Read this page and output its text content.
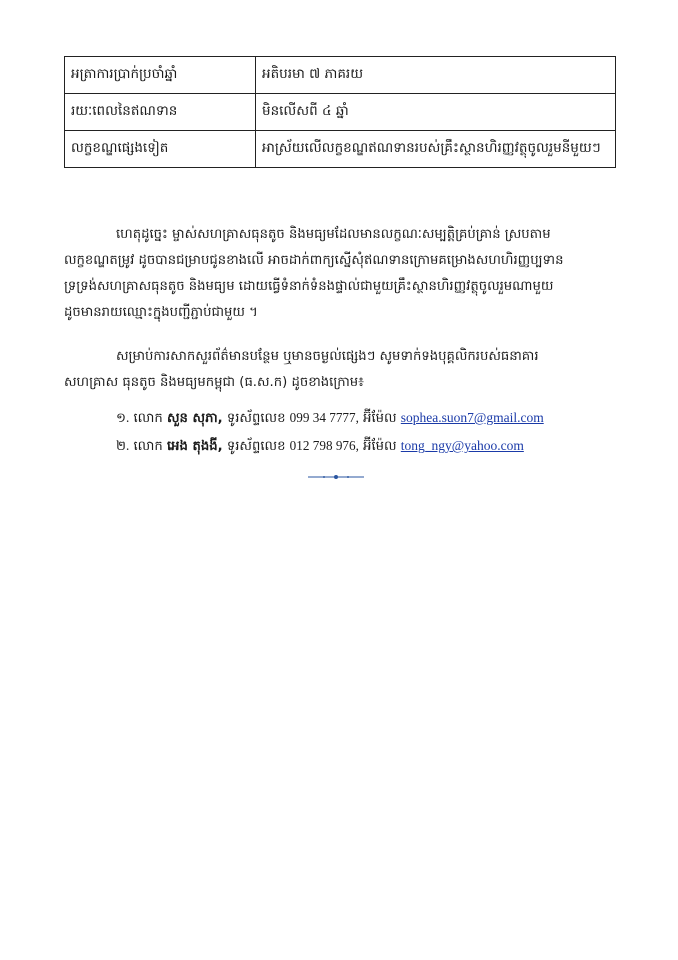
អត្រាការប្រាក់ប្រចាំឆ្នាំ	អតិបរមា ៧ ភាគរយ
រយៈពេលនៃឥណទាន	មិនលើសពី ៤ ឆ្នាំ
លក្ខខណ្ឌផ្សេងទៀត	អាស្រ័យលើលក្ខខណ្ឌឥណទានរបស់គ្រឹះស្ថានហិរញ្ញវត្ថុចូលរួមនីមួយៗ
ហេតុដូច្នេះ ម្ចាស់សហគ្រាសធុនតូច និងមធ្យមដែលមានលក្ខណៈសម្បត្តិគ្រប់គ្រាន់ ស្របតាម
លក្ខខណ្ឌតម្រូវ ដូចបានជម្រាបជូនខាងលើ អាចដាក់ពាក្យស្នើសុំឥណទានក្រោមគម្រោងសហហិរញ្ញប្បទាន
ទ្រទ្រង់សហគ្រាសធុនតូច និងមធ្យម ដោយធ្វើទំនាក់ទំនងផ្ទាល់ជាមួយគ្រឹះស្ថានហិរញ្ញវត្ថុចូលរួមណាមួយ
ដូចមានរាយឈ្មោះក្នុងបញ្ជីភ្ជាប់ជាមួយ ។
សម្រាប់ការសាកសួរព័ត៌មានបន្ថែម ឬមានចម្ងល់ផ្សេងៗ សូមទាក់ទងបុគ្គលិករបស់ធនាគារ
សហគ្រាស ធុនតូច និងមធ្យមកម្ពុជា (ធ.ស.ក) ដូចខាងក្រោម៖
១. លោក សួន សុភា, ទូរស័ព្ទលេខ 099 34 7777, អ៊ីម៉ែល sophea.suon7@gmail.com
២. លោក អេង តុងងី, ទូរស័ព្ទលេខ 012 798 976, អ៊ីម៉ែល tong_ngy@yahoo.com
